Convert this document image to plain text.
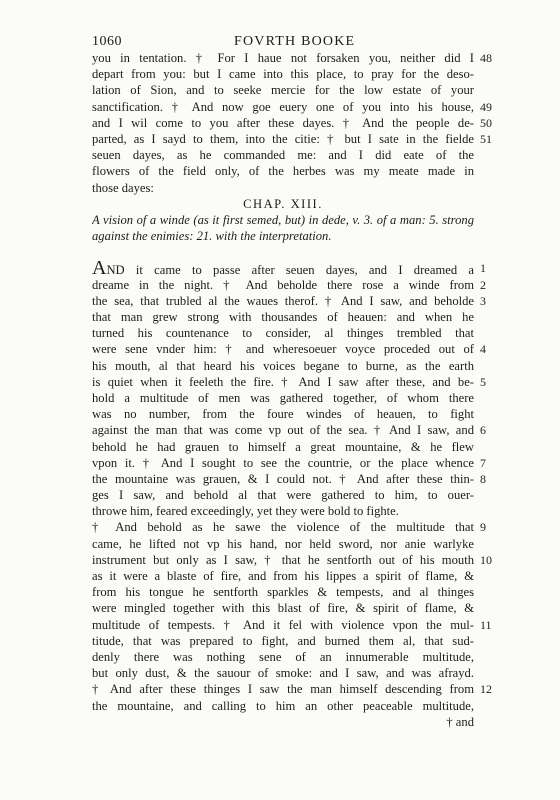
1060	FOVRTH BOOKE
you in tentation. † For I haue not forsaken you, neither did I
depart from you: but I came into this place, to pray for the deso-
lation of Sion, and to seeke mercie for the low estate of your
sanctification. † And now goe euery one of you into his house,
and I wil come to you after these dayes. † And the people de-
parted, as I sayd to them, into the citie: † but I sate in the fielde
seuen dayes, as he commanded me: and I did eate of the
flowers of the field only, of the herbes was my meate made in
those dayes:
CHAP. XIII.
A vision of a winde (as it first semed, but) in dede, v. 3. of a man: 5. strong
against the enimies: 21. with the interpretation.
AND it came to passe after seuen dayes, and I dreamed a
dreame in the night. † And beholde there rose a winde from
the sea, that trubled al the waues therof. † And I saw, and beholde
that man grew strong with thousandes of heauen: and when he
turned his countenance to consider, al thinges trembled that
were sene vnder him: † and wheresoeuer voyce proceded out of
his mouth, al that heard his voices begane to burne, as the earth
is quiet when it feeleth the fire. † And I saw after these, and be-
hold a multitude of men was gathered together, of whom there
was no number, from the foure windes of heauen, to fight
against the man that was come vp out of the sea. † And I saw, and
behold he had grauen to himself a great mountaine, & he flew
vpon it. † And I sought to see the countrie, or the place whence
the mountaine was grauen, & I could not. † And after these thin-
ges I saw, and behold al that were gathered to him, to ouer-
throwe him, feared exceedingly, yet they were bold to fighte.
† And behold as he sawe the violence of the multitude that
came, he lifted not vp his hand, nor held sword, nor anie warlyke
instrument but only as I saw, † that he sentforth out of his mouth
as it were a blaste of fire, and from his lippes a spirit of flame, &
from his tongue he sentforth sparkles & tempests, and al thinges
were mingled together with this blast of fire, & spirit of flame, &
multitude of tempests. † And it fel with violence vpon the mul-
titude, that was prepared to fight, and burned them al, that sud-
denly there was nothing sene of an innumerable multitude,
but only dust, & the sauour of smoke: and I saw, and was afrayd.
† And after these thinges I saw the man himself descending from
the mountaine, and calling to him an other peaceable multitude,
† and
48
49
50
51
1
2
3
4
5
6
7
8
9
10
11
12
